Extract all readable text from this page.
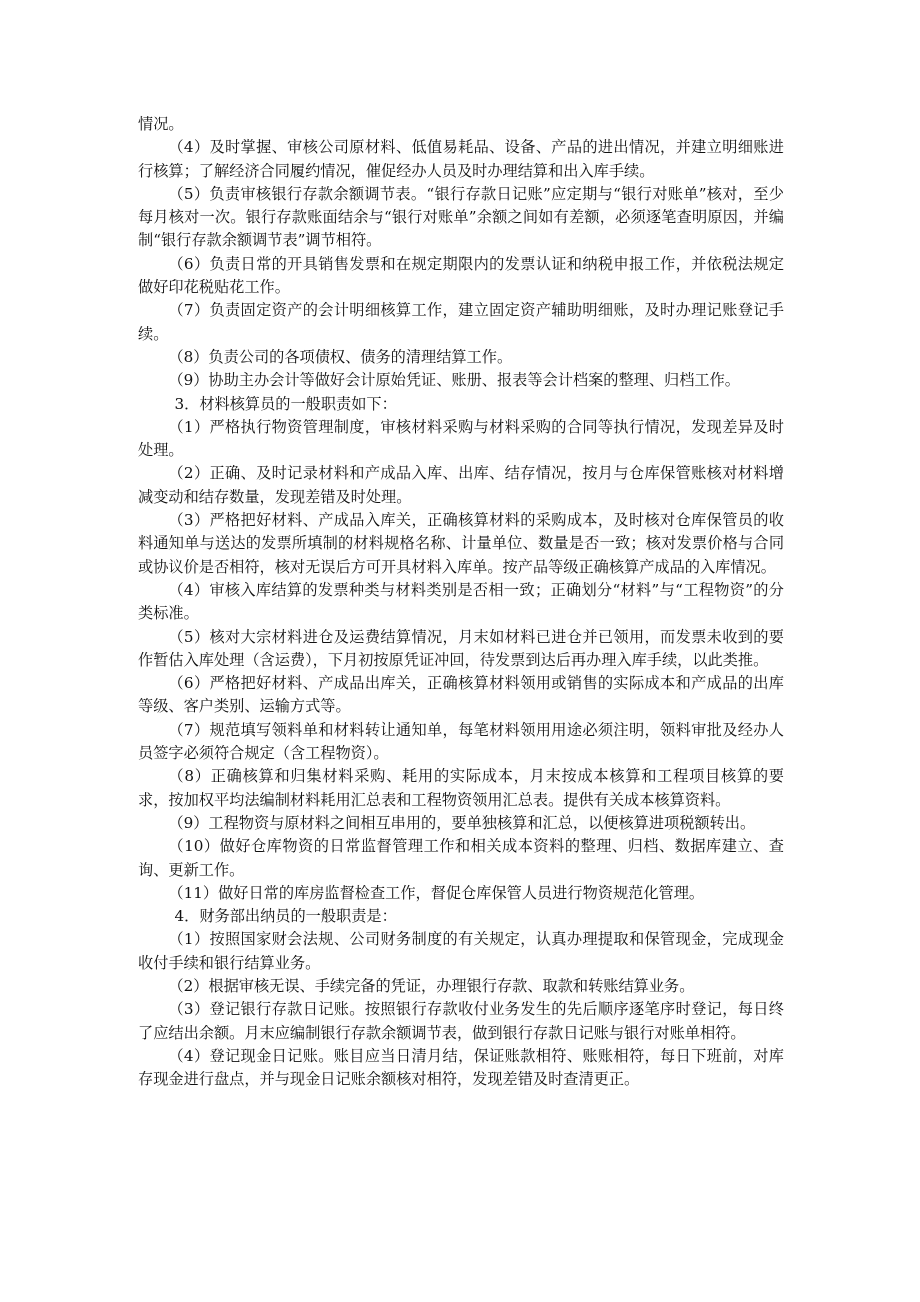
情况。

（4）及时掌握、审核公司原材料、低值易耗品、设备、产品的进出情况，并建立明细账进行核算；了解经济合同履约情况，催促经办人员及时办理结算和出入库手续。

（5）负责审核银行存款余额调节表。“银行存款日记账”应定期与“银行对账单”核对，至少每月核对一次。银行存款账面结余与“银行对账单”余额之间如有差额，必须逐笔查明原因，并编制“银行存款余额调节表”调节相符。

（6）负责日常的开具销售发票和在规定期限内的发票认证和纳税申报工作，并依税法规定做好印花税贴花工作。

（7）负责固定资产的会计明细核算工作，建立固定资产辅助明细账，及时办理记账登记手续。

（8）负责公司的各项债权、债务的清理结算工作。

（9）协助主办会计等做好会计原始凭证、账册、报表等会计档案的整理、归档工作。

3．材料核算员的一般职责如下：

（1）严格执行物资管理制度，审核材料采购与材料采购的合同等执行情况，发现差异及时处理。

（2）正确、及时记录材料和产成品入库、出库、结存情况，按月与仓库保管账核对材料增减变动和结存数量，发现差错及时处理。

（3）严格把好材料、产成品入库关，正确核算材料的采购成本，及时核对仓库保管员的收料通知单与送达的发票所填制的材料规格名称、计量单位、数量是否一致；核对发票价格与合同或协议价是否相符，核对无误后方可开具材料入库单。按产品等级正确核算产成品的入库情况。

（4）审核入库结算的发票种类与材料类别是否相一致；正确划分“材料”与“工程物资”的分类标准。

（5）核对大宗材料进仓及运费结算情况，月末如材料已进仓并已领用，而发票未收到的要作暂估入库处理（含运费），下月初按原凭证冲回，待发票到达后再办理入库手续，以此类推。

（6）严格把好材料、产成品出库关，正确核算材料领用或销售的实际成本和产成品的出库等级、客户类别、运输方式等。

（7）规范填写领料单和材料转让通知单，每笔材料领用用途必须注明，领料审批及经办人员签字必须符合规定（含工程物资）。

（8）正确核算和归集材料采购、耗用的实际成本，月末按成本核算和工程项目核算的要求，按加权平均法编制材料耗用汇总表和工程物资领用汇总表。提供有关成本核算资料。

（9）工程物资与原材料之间相互串用的，要单独核算和汇总，以便核算进项税额转出。

（10）做好仓库物资的日常监督管理工作和相关成本资料的整理、归档、数据库建立、查询、更新工作。

（11）做好日常的库房监督检查工作，督促仓库保管人员进行物资规范化管理。

4．财务部出纳员的一般职责是：

（1）按照国家财会法规、公司财务制度的有关规定，认真办理提取和保管现金，完成现金收付手续和银行结算业务。

（2）根据审核无误、手续完备的凭证，办理银行存款、取款和转账结算业务。

（3）登记银行存款日记账。按照银行存款收付业务发生的先后顺序逐笔序时登记，每日终了应结出余额。月末应编制银行存款余额调节表，做到银行存款日记账与银行对账单相符。

（4）登记现金日记账。账目应当日清月结，保证账款相符、账账相符，每日下班前，对库存现金进行盘点，并与现金日记账余额核对相符，发现差错及时查清更正。
